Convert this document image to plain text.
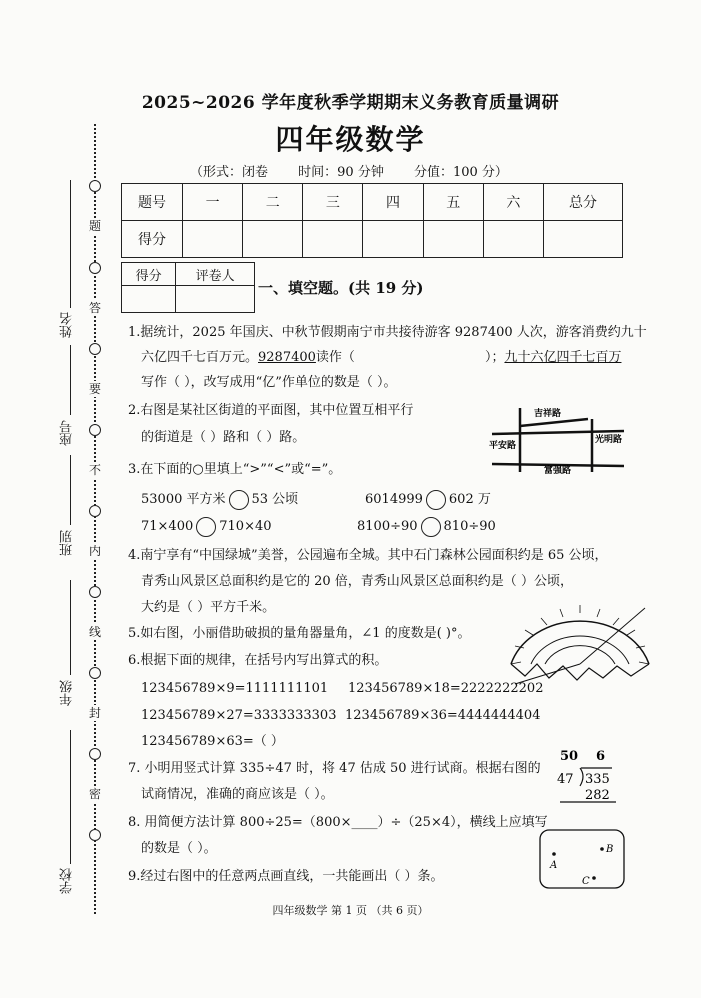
题
答
要
不
内
线
封
密
姓名
座号
班别
年级
学校
2025~2026 学年度秋季学期期末义务教育质量调研
四年级数学
（形式：闭卷 时间：90 分钟 分值：100 分）
题号	一	二	三	四	五	六	总分
得分							
得分	评卷人

一、填空题。(共 19 分)
1.据统计，2025 年国庆、中秋节假期南宁市共接待游客 9287400 人次，游客消费约九十
六亿四千七百万元。9287400读作（	）；九十六亿四千七百万
写作（ ），改写成用“亿”作单位的数是（ ）。
2.右图是某社区街道的平面图，其中位置互相平行
的街道是（ ）路和（ ）路。
吉祥路
平安路
光明路
富强路
3.在下面的○里填上“>”“<”或“=”。
53000 平方米 53 公顷	6014999 602 万
71×400 710×40	8100÷90 810÷90
4.南宁享有“中国绿城”美誉，公园遍布全城。其中石门森林公园面积约是 65 公顷，
青秀山风景区总面积约是它的 20 倍，青秀山风景区总面积约是（ ）公顷，
大约是（ ）平方千米。
5.如右图，小丽借助破损的量角器量角，∠1 的度数是( )°。
6.根据下面的规律，在括号内写出算式的积。
123456789×9=1111111101 123456789×18=2222222202
123456789×27=3333333303 123456789×36=4444444404
123456789×63=（ ）
50 6
47 335
282
7. 小明用竖式计算 335÷47 时，将 47 估成 50 进行试商。根据右图的
试商情况，准确的商应该是（ ）。
8. 用简便方法计算 800÷25=（800×____）÷（25×4），横线上应填写
的数是（ ）。
A
B
C
9.经过右图中的任意两点画直线，一共能画出（ ）条。
四年级数学 第 1 页 （共 6 页）
